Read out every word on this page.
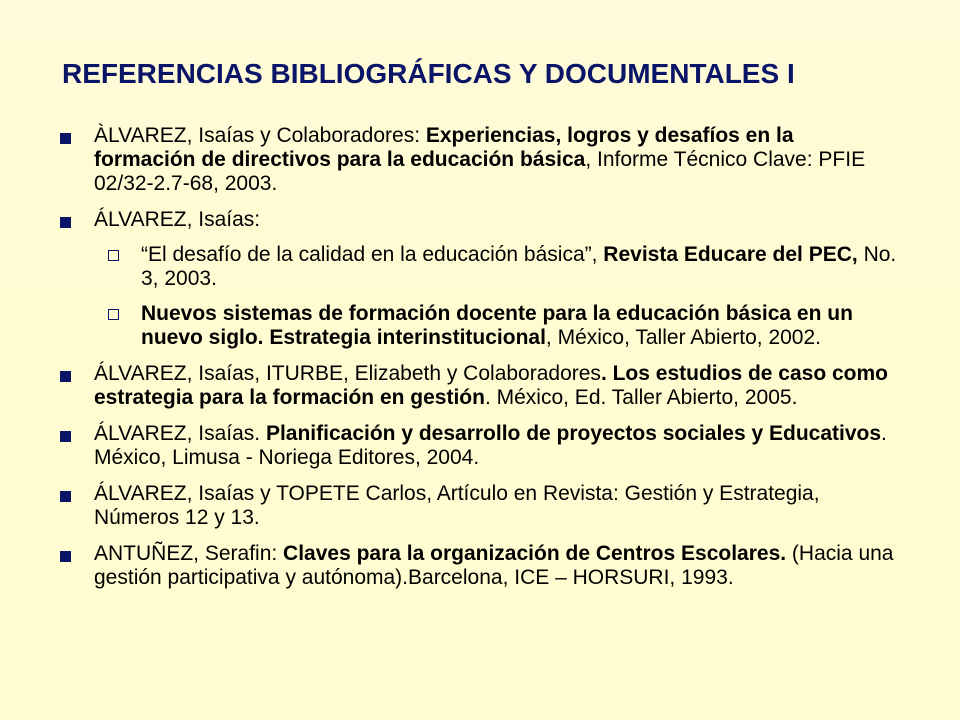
REFERENCIAS BIBLIOGRÁFICAS Y DOCUMENTALES I
ÀLVAREZ, Isaías y Colaboradores: Experiencias, logros y desafíos en la formación de directivos para la educación básica, Informe Técnico Clave: PFIE 02/32-2.7-68, 2003.
ÁLVAREZ, Isaías:
“El desafío de la calidad en la educación básica”, Revista Educare del PEC, No. 3, 2003.
Nuevos sistemas de formación docente para la educación básica en un nuevo siglo. Estrategia interinstitucional, México, Taller Abierto, 2002.
ÁLVAREZ, Isaías, ITURBE, Elizabeth y Colaboradores. Los estudios de caso como estrategia para la formación en gestión. México, Ed. Taller Abierto, 2005.
ÁLVAREZ, Isaías. Planificación y desarrollo de proyectos sociales y Educativos. México, Limusa - Noriega Editores, 2004.
ÁLVAREZ, Isaías y TOPETE Carlos, Artículo en Revista: Gestión y Estrategia, Números 12 y 13.
ANTUÑEZ, Serafin: Claves para la organización de Centros Escolares. (Hacia una gestión participativa y autónoma).Barcelona, ICE – HORSURI, 1993.
